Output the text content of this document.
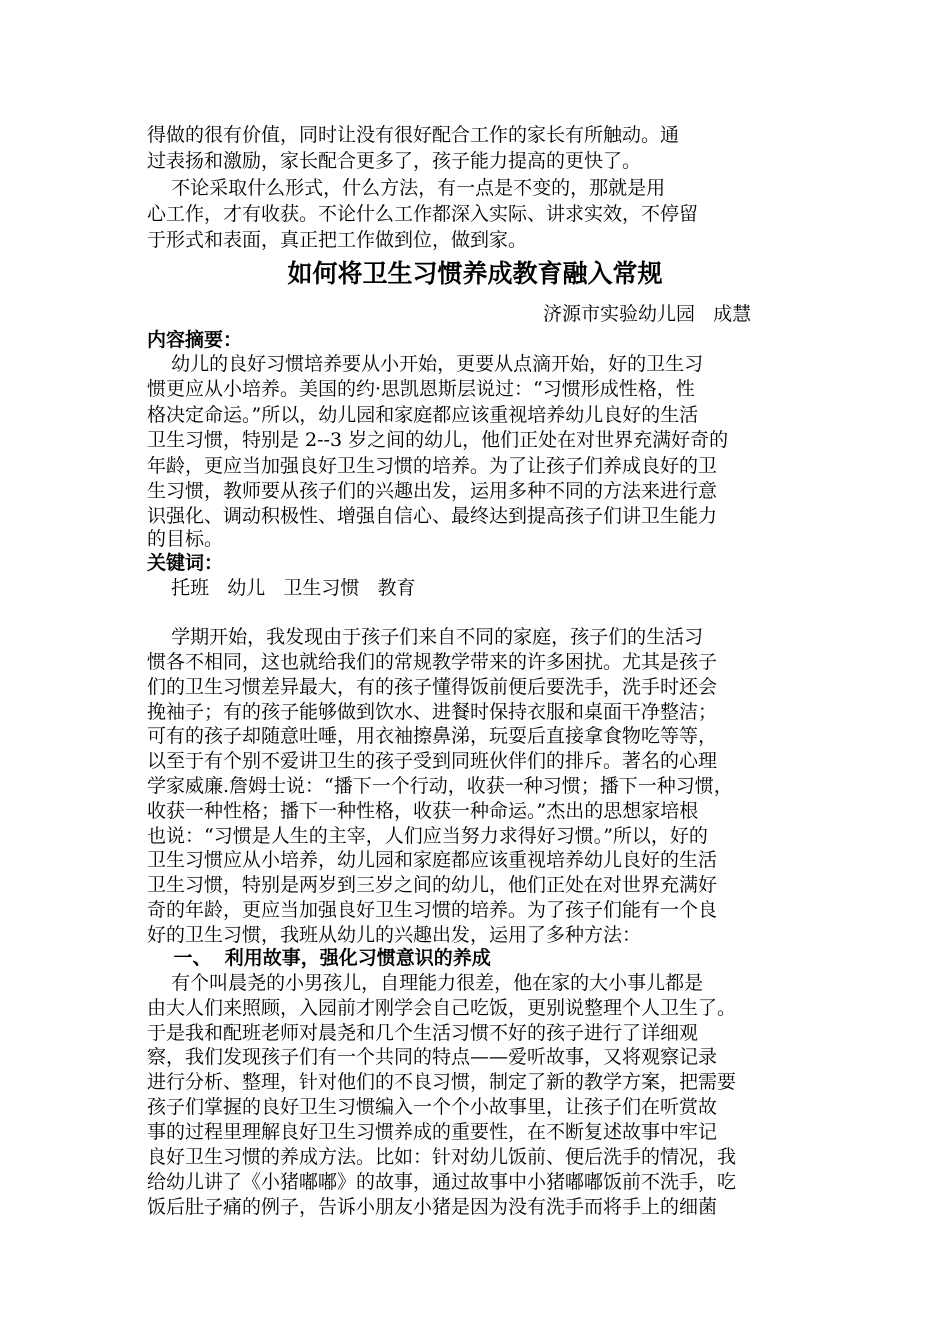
得做的很有价值，同时让没有很好配合工作的家长有所触动。通
过表扬和激励，家长配合更多了，孩子能力提高的更快了。
不论采取什么形式，什么方法，有一点是不变的，那就是用
心工作，才有收获。不论什么工作都深入实际、讲求实效，不停留
于形式和表面，真正把工作做到位，做到家。
如何将卫生习惯养成教育融入常规
济源市实验幼儿园   成慧
内容摘要：
幼儿的良好习惯培养要从小开始，更要从点滴开始，好的卫生习
惯更应从小培养。美国的约·思凯恩斯层说过：“习惯形成性格，性
格决定命运。”所以，幼儿园和家庭都应该重视培养幼儿良好的生活
卫生习惯，特别是 2--3 岁之间的幼儿，他们正处在对世界充满好奇的
年龄，更应当加强良好卫生习惯的培养。为了让孩子们养成良好的卫
生习惯，教师要从孩子们的兴趣出发，运用多种不同的方法来进行意
识强化、调动积极性、增强自信心、最终达到提高孩子们讲卫生能力
的目标。
关键词：
托班   幼儿   卫生习惯   教育
学期开始，我发现由于孩子们来自不同的家庭，孩子们的生活习
惯各不相同，这也就给我们的常规教学带来的许多困扰。尤其是孩子
们的卫生习惯差异最大，有的孩子懂得饭前便后要洗手，洗手时还会
挽袖子；有的孩子能够做到饮水、进餐时保持衣服和桌面干净整洁；
可有的孩子却随意吐唾，用衣袖擦鼻涕，玩耍后直接拿食物吃等等，
以至于有个别不爱讲卫生的孩子受到同班伙伴们的排斥。著名的心理
学家威廉.詹姆士说：“播下一个行动，收获一种习惯；播下一种习惯，
收获一种性格；播下一种性格，收获一种命运。”杰出的思想家培根
也说：“习惯是人生的主宰，人们应当努力求得好习惯。”所以，好的
卫生习惯应从小培养，幼儿园和家庭都应该重视培养幼儿良好的生活
卫生习惯，特别是两岁到三岁之间的幼儿，他们正处在对世界充满好
奇的年龄，更应当加强良好卫生习惯的培养。为了孩子们能有一个良
好的卫生习惯，我班从幼儿的兴趣出发，运用了多种方法：
一、  利用故事，强化习惯意识的养成
有个叫晨尧的小男孩儿，自理能力很差，他在家的大小事儿都是
由大人们来照顾，入园前才刚学会自己吃饭，更别说整理个人卫生了。
于是我和配班老师对晨尧和几个生活习惯不好的孩子进行了详细观
察，我们发现孩子们有一个共同的特点——爱听故事，又将观察记录
进行分析、整理，针对他们的不良习惯，制定了新的教学方案，把需要
孩子们掌握的良好卫生习惯编入一个个小故事里，让孩子们在听赏故
事的过程里理解良好卫生习惯养成的重要性，在不断复述故事中牢记
良好卫生习惯的养成方法。比如：针对幼儿饭前、便后洗手的情况，我
给幼儿讲了《小猪嘟嘟》的故事，通过故事中小猪嘟嘟饭前不洗手，吃
饭后肚子痛的例子，告诉小朋友小猪是因为没有洗手而将手上的细菌
